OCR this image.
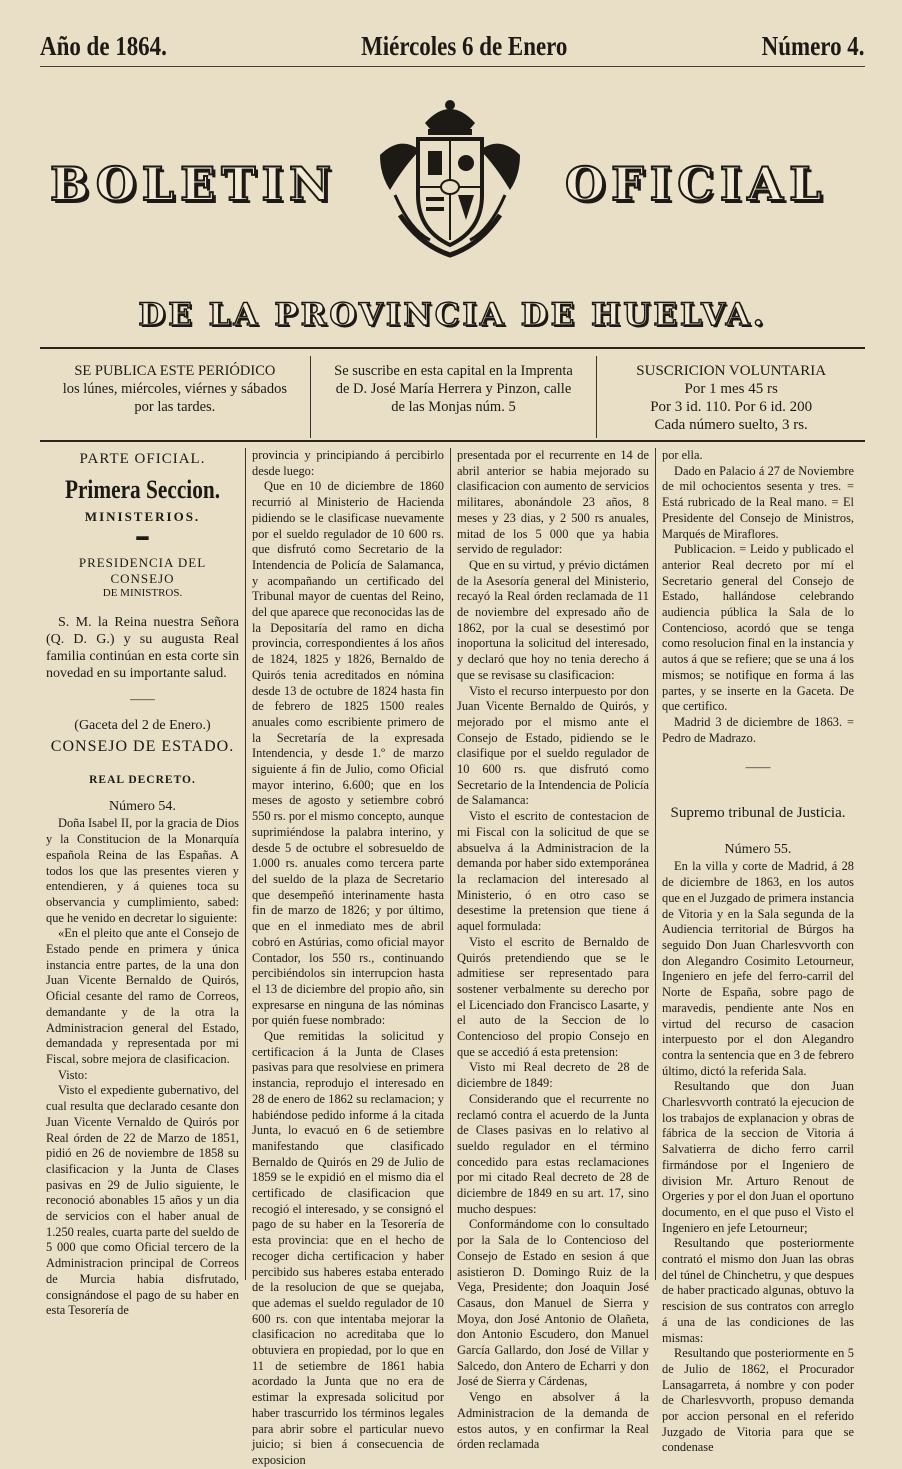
Año de 1864.	Miércoles 6 de Enero	Número 4.
BOLETIN	OFICIAL
DE LA PROVINCIA DE HUELVA.
SE PUBLICA ESTE PERIÓDICO
los lúnes, miércoles, viérnes y sábados
por las tardes.
Se suscribe en esta capital en la Imprenta
de D. José María Herrera y Pinzon, calle
de las Monjas núm. 5
SUSCRICION VOLUNTARIA
Por 1 mes 45 rs
Por 3 id. 110. Por 6 id. 200
Cada número suelto, 3 rs.

PARTE OFICIAL.

Primera Seccion.

MINISTERIOS.

▬

PRESIDENCIA DEL CONSEJO

DE MINISTROS.

S. M. la Reina nuestra Señora (Q. D. G.) y su augusta Real familia continúan en esta corte sin novedad en su importante salud.

——

(Gaceta del 2 de Enero.)

CONSEJO DE ESTADO.

REAL DECRETO.

Número 54.

Doña Isabel II, por la gracia de Dios y la Constitucion de la Monarquía española Reina de las Españas. A todos los que las presentes vieren y entendieren, y á quienes toca su observancia y cumplimiento, sabed: que he venido en decretar lo siguiente:

«En el pleito que ante el Consejo de Estado pende en primera y única instancia entre partes, de la una don Juan Vicente Bernaldo de Quirós, Oficial cesante del ramo de Correos, demandante y de la otra la Administracion general del Estado, demandada y representada por mi Fiscal, sobre mejora de clasificacion.

Visto:

Visto el expediente gubernativo, del cual resulta que declarado cesante don Juan Vicente Vernaldo de Quirós por Real órden de 22 de Marzo de 1851, pidió en 26 de noviembre de 1858 su clasificacion y la Junta de Clases pasivas en 29 de Julio siguiente, le reconoció abonables 15 años y un dia de servicios con el haber anual de 1.250 reales, cuarta parte del sueldo de 5 000 que como Oficial tercero de la Administracion principal de Correos de Murcia habia disfrutado, consignándose el pago de su haber en esta Tesorería de

provincia y principiando á percibirlo desde luego:

Que en 10 de diciembre de 1860 recurrió al Ministerio de Hacienda pidiendo se le clasificase nuevamente por el sueldo regulador de 10 600 rs. que disfrutó como Secretario de la Intendencia de Policía de Salamanca, y acompañando un certificado del Tribunal mayor de cuentas del Reino, del que aparece que reconocidas las de la Depositaría del ramo en dicha provincia, correspondientes á los años de 1824, 1825 y 1826, Bernaldo de Quirós tenia acreditados en nómina desde 13 de octubre de 1824 hasta fin de febrero de 1825 1500 reales anuales como escribiente primero de la Secretaría de la expresada Intendencia, y desde 1.º de marzo siguiente á fin de Julio, como Oficial mayor interino, 6.600; que en los meses de agosto y setiembre cobró 550 rs. por el mismo concepto, aunque suprimiéndose la palabra interino, y desde 5 de octubre el sobresueldo de 1.000 rs. anuales como tercera parte del sueldo de la plaza de Secretario que desempeñó interinamente hasta fin de marzo de 1826; y por último, que en el inmediato mes de abril cobró en Astúrias, como oficial mayor Contador, los 550 rs., continuando percibiéndolos sin interrupcion hasta el 13 de diciembre del propio año, sin expresarse en ninguna de las nóminas por quién fuese nombrado:

Que remitidas la solicitud y certificacion á la Junta de Clases pasivas para que resolviese en primera instancia, reprodujo el interesado en 28 de enero de 1862 su reclamacion; y habiéndose pedido informe á la citada Junta, lo evacuó en 6 de setiembre manifestando que clasificado Bernaldo de Quirós en 29 de Julio de 1859 se le expidió en el mismo dia el certificado de clasificacion que recogió el interesado, y se consignó el pago de su haber en la Tesorería de esta provincia: que en el hecho de recoger dicha certificacion y haber percibido sus haberes estaba enterado de la resolucion de que se quejaba, que ademas el sueldo regulador de 10 600 rs. con que intentaba mejorar la clasificacion no acreditaba que lo obtuviera en propiedad, por lo que en 11 de setiembre de 1861 habia acordado la Junta que no era de estimar la expresada solicitud por haber trascurrido los términos legales para abrir sobre el particular nuevo juicio; si bien á consecuencia de exposicion

presentada por el recurrente en 14 de abril anterior se habia mejorado su clasificacion con aumento de servicios militares, abonándole 23 años, 8 meses y 23 dias, y 2 500 rs anuales, mitad de los 5 000 que ya habia servido de regulador:

Que en su virtud, y prévio dictámen de la Asesoría general del Ministerio, recayó la Real órden reclamada de 11 de noviembre del expresado año de 1862, por la cual se desestimó por inoportuna la solicitud del interesado, y declaró que hoy no tenia derecho á que se revisase su clasificacion:

Visto el recurso interpuesto por don Juan Vicente Bernaldo de Quirós, y mejorado por el mismo ante el Consejo de Estado, pidiendo se le clasifique por el sueldo regulador de 10 600 rs. que disfrutó como Secretario de la Intendencia de Policía de Salamanca:

Visto el escrito de contestacion de mi Fiscal con la solicitud de que se absuelva á la Administracion de la demanda por haber sido extemporánea la reclamacion del interesado al Ministerio, ó en otro caso se desestime la pretension que tiene á aquel formulada:

Visto el escrito de Bernaldo de Quirós pretendiendo que se le admitiese ser representado para sostener verbalmente su derecho por el Licenciado don Francisco Lasarte, y el auto de la Seccion de lo Contencioso del propio Consejo en que se accedió á esta pretension:

Visto mi Real decreto de 28 de diciembre de 1849:

Considerando que el recurrente no reclamó contra el acuerdo de la Junta de Clases pasivas en lo relativo al sueldo regulador en el término concedido para estas reclamaciones por mi citado Real decreto de 28 de diciembre de 1849 en su art. 17, sino mucho despues:

Conformándome con lo consultado por la Sala de lo Contencioso del Consejo de Estado en sesion á que asistieron D. Domingo Ruiz de la Vega, Presidente; don Joaquin José Casaus, don Manuel de Sierra y Moya, don José Antonio de Olañeta, don Antonio Escudero, don Manuel García Gallardo, don José de Villar y Salcedo, don Antero de Echarri y don José de Sierra y Cárdenas,

Vengo en absolver á la Administracion de la demanda de estos autos, y en confirmar la Real órden reclamada

por ella.

Dado en Palacio á 27 de Noviembre de mil ochocientos sesenta y tres. = Está rubricado de la Real mano. = El Presidente del Consejo de Ministros, Marqués de Miraflores.

Publicacion. = Leido y publicado el anterior Real decreto por mí el Secretario general del Consejo de Estado, hallándose celebrando audiencia pública la Sala de lo Contencioso, acordó que se tenga como resolucion final en la instancia y autos á que se refiere; que se una á los mismos; se notifique en forma á las partes, y se inserte en la Gaceta. De que certifico.

Madrid 3 de diciembre de 1863. = Pedro de Madrazo.

——

Supremo tribunal de Justicia.

Número 55.

En la villa y corte de Madrid, á 28 de diciembre de 1863, en los autos que en el Juzgado de primera instancia de Vitoria y en la Sala segunda de la Audiencia territorial de Búrgos ha seguido Don Juan Charlesvvorth con don Alegandro Cosimito Letourneur, Ingeniero en jefe del ferro-carril del Norte de España, sobre pago de maravedis, pendiente ante Nos en virtud del recurso de casacion interpuesto por el don Alegandro contra la sentencia que en 3 de febrero último, dictó la referida Sala.

Resultando que don Juan Charlesvvorth contrató la ejecucion de los trabajos de explanacion y obras de fábrica de la seccion de Vitoria á Salvatierra de dicho ferro carril firmándose por el Ingeniero de division Mr. Arturo Renout de Orgeries y por el don Juan el oportuno documento, en el que puso el Visto el Ingeniero en jefe Letourneur;

Resultando que posteriormente contrató el mismo don Juan las obras del túnel de Chinchetru, y que despues de haber practicado algunas, obtuvo la rescision de sus contratos con arreglo á una de las condiciones de las mismas:

Resultando que posteriormente en 5 de Julio de 1862, el Procurador Lansagarreta, á nombre y con poder de Charlesvvorth, propuso demanda por accion personal en el referido Juzgado de Vitoria para que se condenase
